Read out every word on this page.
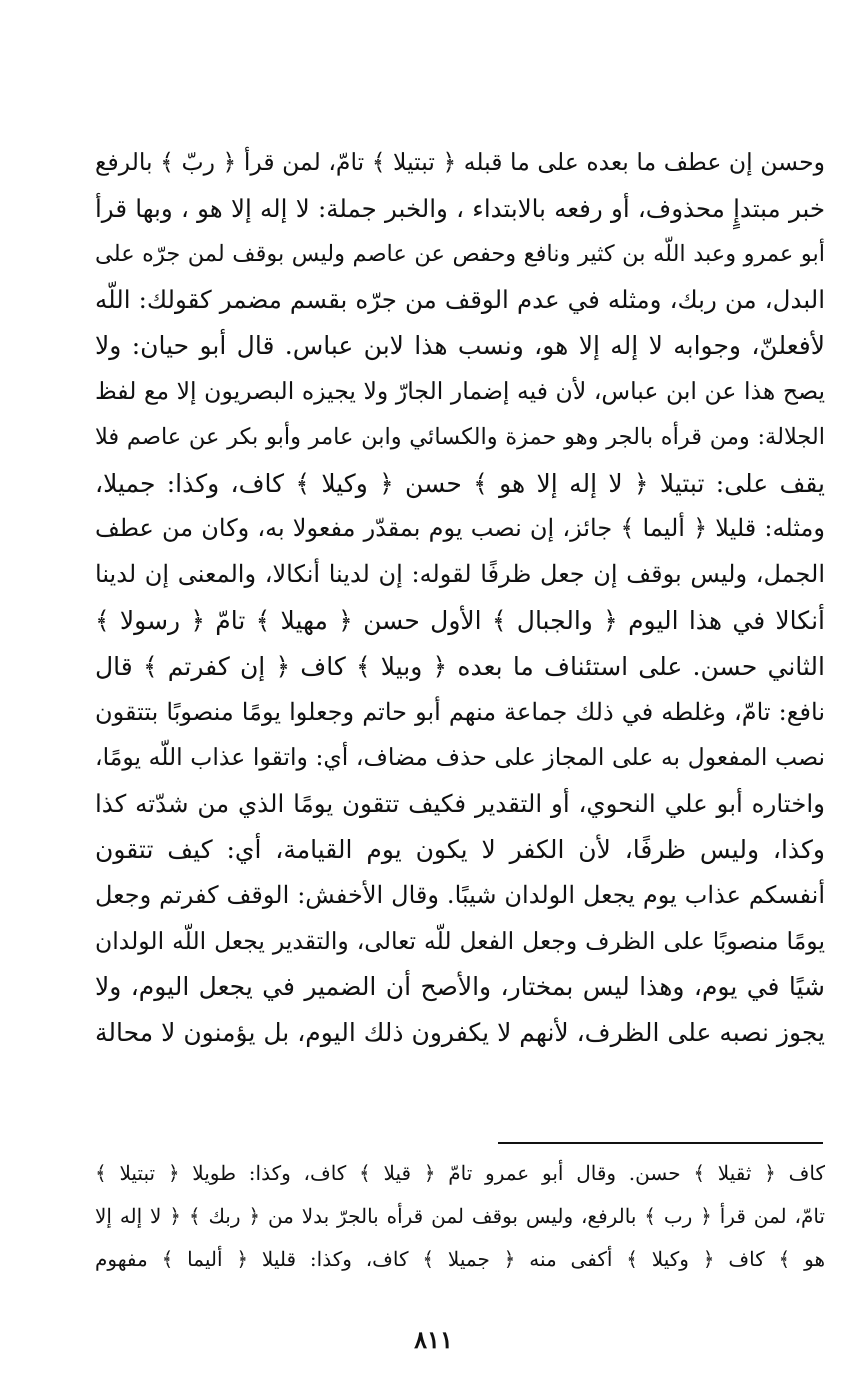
وحسن إن عطف ما بعده على ما قبله ﴿ تبتيلا ﴾ تامّ، لمن قرأ ﴿ ربّ ﴾ بالرفع
خبر مبتدإٍ محذوف، أو رفعه بالابتداء ، والخبر جملة: لا إله إلا هو ، وبها قرأ
أبو عمرو وعبد اللّه بن كثير ونافع وحفص عن عاصم وليس بوقف لمن جرّه على
البدل، من ربك، ومثله في عدم الوقف من جرّه بقسم مضمر كقولك: اللّه
لأفعلنّ، وجوابه لا إله إلا هو، ونسب هذا لابن عباس. قال أبو حيان: ولا
يصح هذا عن ابن عباس، لأن فيه إضمار الجارّ ولا يجيزه البصريون إلا مع لفظ
الجلالة: ومن قرأه بالجر وهو حمزة والكسائي وابن عامر وأبو بكر عن عاصم فلا
يقف على: تبتيلا ﴿ لا إله إلا هو ﴾ حسن ﴿ وكيلا ﴾ كاف، وكذا: جميلا،
ومثله: قليلا ﴿ أليما ﴾ جائز، إن نصب يوم بمقدّر مفعولا به، وكان من عطف
الجمل، وليس بوقف إن جعل ظرفًا لقوله: إن لدينا أنكالا، والمعنى إن لدينا
أنكالا في هذا اليوم ﴿ والجبال ﴾ الأول حسن ﴿ مهيلا ﴾ تامّ ﴿ رسولا ﴾
الثاني حسن. على استئناف ما بعده ﴿ وبيلا ﴾ كاف ﴿ إن كفرتم ﴾ قال
نافع: تامّ، وغلطه في ذلك جماعة منهم أبو حاتم وجعلوا يومًا منصوبًا بتتقون
نصب المفعول به على المجاز على حذف مضاف، أي: واتقوا عذاب اللّه يومًا،
واختاره أبو علي النحوي، أو التقدير فكيف تتقون يومًا الذي من شدّته كذا
وكذا، وليس ظرفًا، لأن الكفر لا يكون يوم القيامة، أي: كيف تتقون
أنفسكم عذاب يوم يجعل الولدان شيبًا. وقال الأخفش: الوقف كفرتم وجعل
يومًا منصوبًا على الظرف وجعل الفعل للّه تعالى، والتقدير يجعل اللّه الولدان
شيًا في يوم، وهذا ليس بمختار، والأصح أن الضمير في يجعل اليوم، ولا
يجوز نصبه على الظرف، لأنهم لا يكفرون ذلك اليوم، بل يؤمنون لا محالة
كاف ﴿ ثقيلا ﴾ حسن. وقال أبو عمرو تامّ ﴿ قيلا ﴾ كاف، وكذا: طويلا ﴿ تبتيلا ﴾
تامّ، لمن قرأ ﴿ رب ﴾ بالرفع، وليس بوقف لمن قرأه بالجرّ بدلا من ﴿ ربك ﴾ ﴿ لا إله إلا
هو ﴾ كاف ﴿ وكيلا ﴾ أكفى منه ﴿ جميلا ﴾ كاف، وكذا: قليلا ﴿ أليما ﴾ مفهوم
٨١١
